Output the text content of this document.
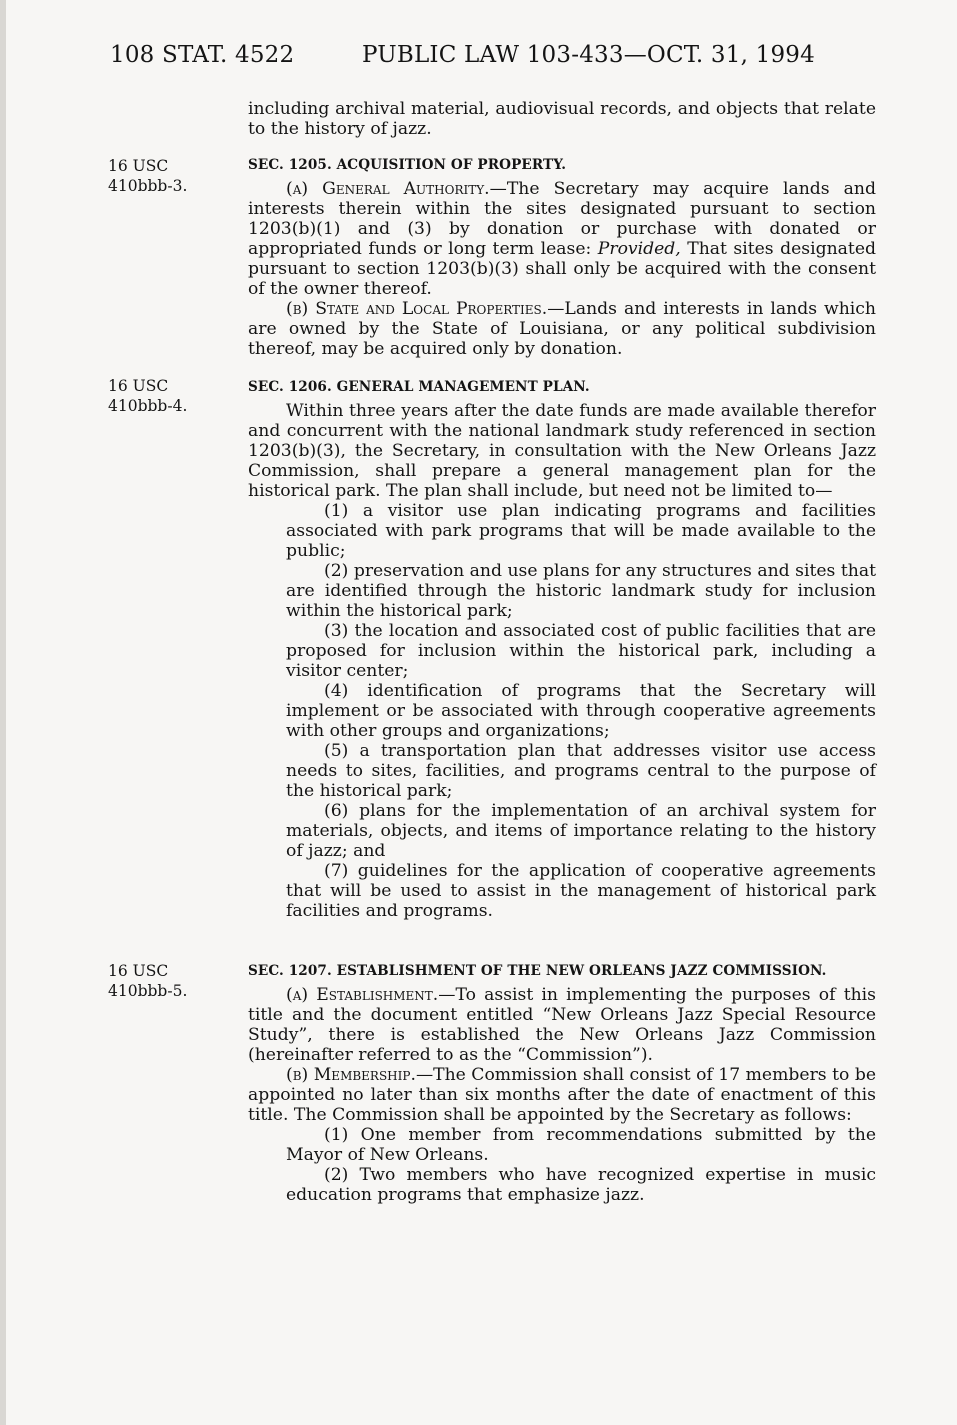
108 STAT. 4522	PUBLIC LAW 103-433—OCT. 31, 1994
16 USC
410bbb-3.
16 USC
410bbb-4.
16 USC
410bbb-5.

including archival material, audiovisual records, and objects that relate to the history of jazz.

SEC. 1205. ACQUISITION OF PROPERTY.

(a) General Authority.—The Secretary may acquire lands and interests therein within the sites designated pursuant to section 1203(b)(1) and (3) by donation or purchase with donated or appropriated funds or long term lease: Provided, That sites designated pursuant to section 1203(b)(3) shall only be acquired with the consent of the owner thereof.

(b) State and Local Properties.—Lands and interests in lands which are owned by the State of Louisiana, or any political subdivision thereof, may be acquired only by donation.

SEC. 1206. GENERAL MANAGEMENT PLAN.

Within three years after the date funds are made available therefor and concurrent with the national landmark study referenced in section 1203(b)(3), the Secretary, in consultation with the New Orleans Jazz Commission, shall prepare a general management plan for the historical park. The plan shall include, but need not be limited to—

(1) a visitor use plan indicating programs and facilities associated with park programs that will be made available to the public;

(2) preservation and use plans for any structures and sites that are identified through the historic landmark study for inclusion within the historical park;

(3) the location and associated cost of public facilities that are proposed for inclusion within the historical park, including a visitor center;

(4) identification of programs that the Secretary will implement or be associated with through cooperative agreements with other groups and organizations;

(5) a transportation plan that addresses visitor use access needs to sites, facilities, and programs central to the purpose of the historical park;

(6) plans for the implementation of an archival system for materials, objects, and items of importance relating to the history of jazz; and

(7) guidelines for the application of cooperative agreements that will be used to assist in the management of historical park facilities and programs.

SEC. 1207. ESTABLISHMENT OF THE NEW ORLEANS JAZZ COMMISSION.

(a) Establishment.—To assist in implementing the purposes of this title and the document entitled “New Orleans Jazz Special Resource Study”, there is established the New Orleans Jazz Commission (hereinafter referred to as the “Commission”).

(b) Membership.—The Commission shall consist of 17 members to be appointed no later than six months after the date of enactment of this title. The Commission shall be appointed by the Secretary as follows:

(1) One member from recommendations submitted by the Mayor of New Orleans.

(2) Two members who have recognized expertise in music education programs that emphasize jazz.
